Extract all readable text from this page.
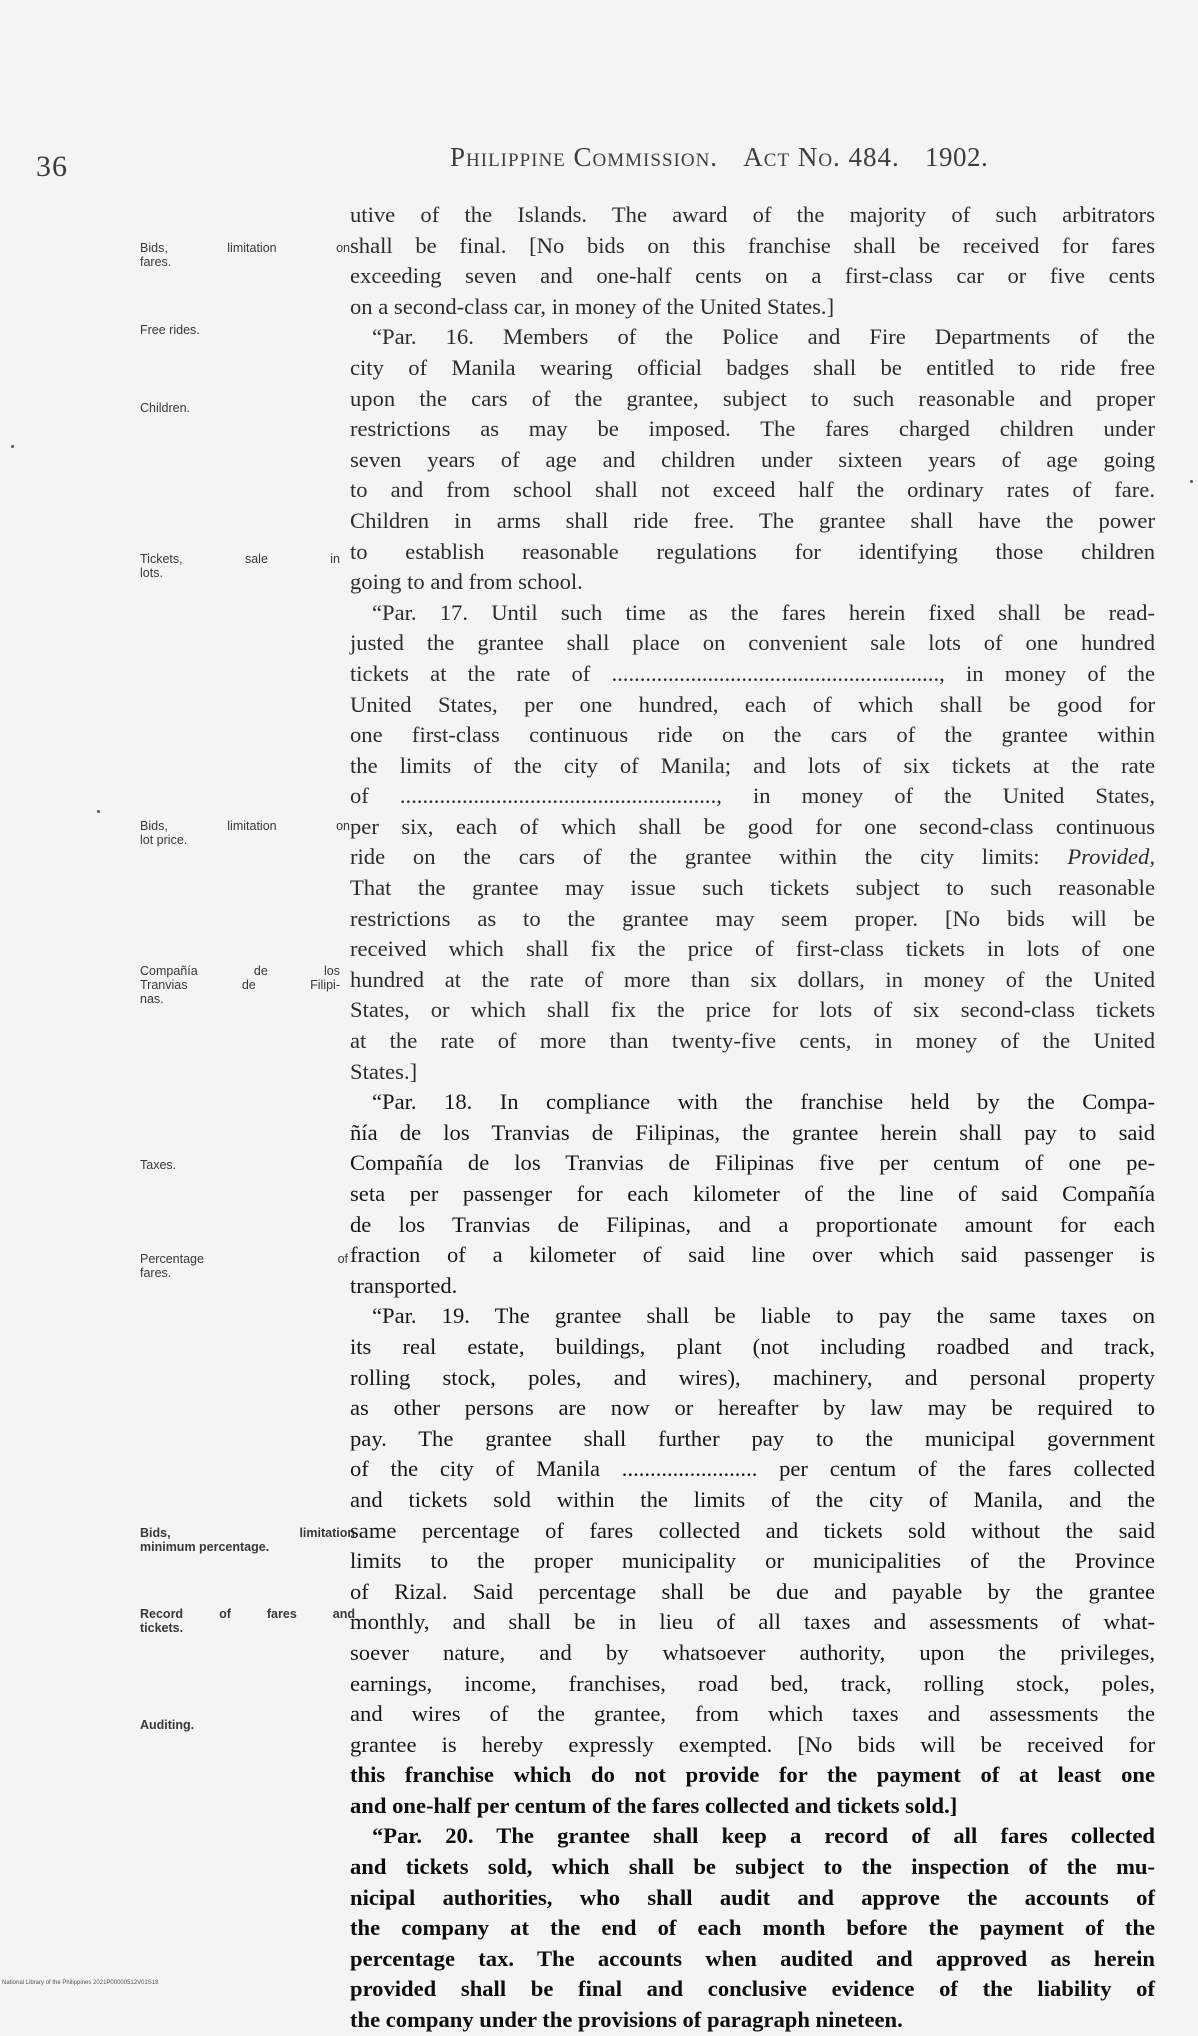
36	Philippine Commission. Act No. 484. 1902.
Bids, limitation on
fares.
Free rides.
Children.
Tickets, sale in
lots.
Bids, limitation on
lot price.
Compañía de los
Tranvias de Filipi-
nas.
Taxes.
Percentage of
fares.
Bids, limitation
minimum percentage.
Record of fares and
tickets.
Auditing.
utive of the Islands. The award of the majority of such arbitrators
shall be final. [No bids on this franchise shall be received for fares
exceeding seven and one-half cents on a first-class car or five cents
on a second-class car, in money of the United States.]
“Par. 16. Members of the Police and Fire Departments of the
city of Manila wearing official badges shall be entitled to ride free
upon the cars of the grantee, subject to such reasonable and proper
restrictions as may be imposed. The fares charged children under
seven years of age and children under sixteen years of age going
to and from school shall not exceed half the ordinary rates of fare.
Children in arms shall ride free. The grantee shall have the power
to establish reasonable regulations for identifying those children
going to and from school.
“Par. 17. Until such time as the fares herein fixed shall be read-
justed the grantee shall place on convenient sale lots of one hundred
tickets at the rate of .........................................................., in money of the
United States, per one hundred, each of which shall be good for
one first-class continuous ride on the cars of the grantee within
the limits of the city of Manila; and lots of six tickets at the rate
of ........................................................, in money of the United States,
per six, each of which shall be good for one second-class continuous
ride on the cars of the grantee within the city limits: Provided,
That the grantee may issue such tickets subject to such reasonable
restrictions as to the grantee may seem proper. [No bids will be
received which shall fix the price of first-class tickets in lots of one
hundred at the rate of more than six dollars, in money of the United
States, or which shall fix the price for lots of six second-class tickets
at the rate of more than twenty-five cents, in money of the United
States.]
“Par. 18. In compliance with the franchise held by the Compa-
ñía de los Tranvias de Filipinas, the grantee herein shall pay to said
Compañía de los Tranvias de Filipinas five per centum of one pe-
seta per passenger for each kilometer of the line of said Compañía
de los Tranvias de Filipinas, and a proportionate amount for each
fraction of a kilometer of said line over which said passenger is
transported.
“Par. 19. The grantee shall be liable to pay the same taxes on
its real estate, buildings, plant (not including roadbed and track,
rolling stock, poles, and wires), machinery, and personal property
as other persons are now or hereafter by law may be required to
pay. The grantee shall further pay to the municipal government
of the city of Manila ........................ per centum of the fares collected
and tickets sold within the limits of the city of Manila, and the
same percentage of fares collected and tickets sold without the said
limits to the proper municipality or municipalities of the Province
of Rizal. Said percentage shall be due and payable by the grantee
monthly, and shall be in lieu of all taxes and assessments of what-
soever nature, and by whatsoever authority, upon the privileges,
earnings, income, franchises, road bed, track, rolling stock, poles,
and wires of the grantee, from which taxes and assessments the
grantee is hereby expressly exempted. [No bids will be received for
this franchise which do not provide for the payment of at least one
and one-half per centum of the fares collected and tickets sold.]
“Par. 20. The grantee shall keep a record of all fares collected
and tickets sold, which shall be subject to the inspection of the mu-
nicipal authorities, who shall audit and approve the accounts of
the company at the end of each month before the payment of the
percentage tax. The accounts when audited and approved as herein
provided shall be final and conclusive evidence of the liability of
the company under the provisions of paragraph nineteen.
National Library of the Philippines 2021P00000512V01S18
